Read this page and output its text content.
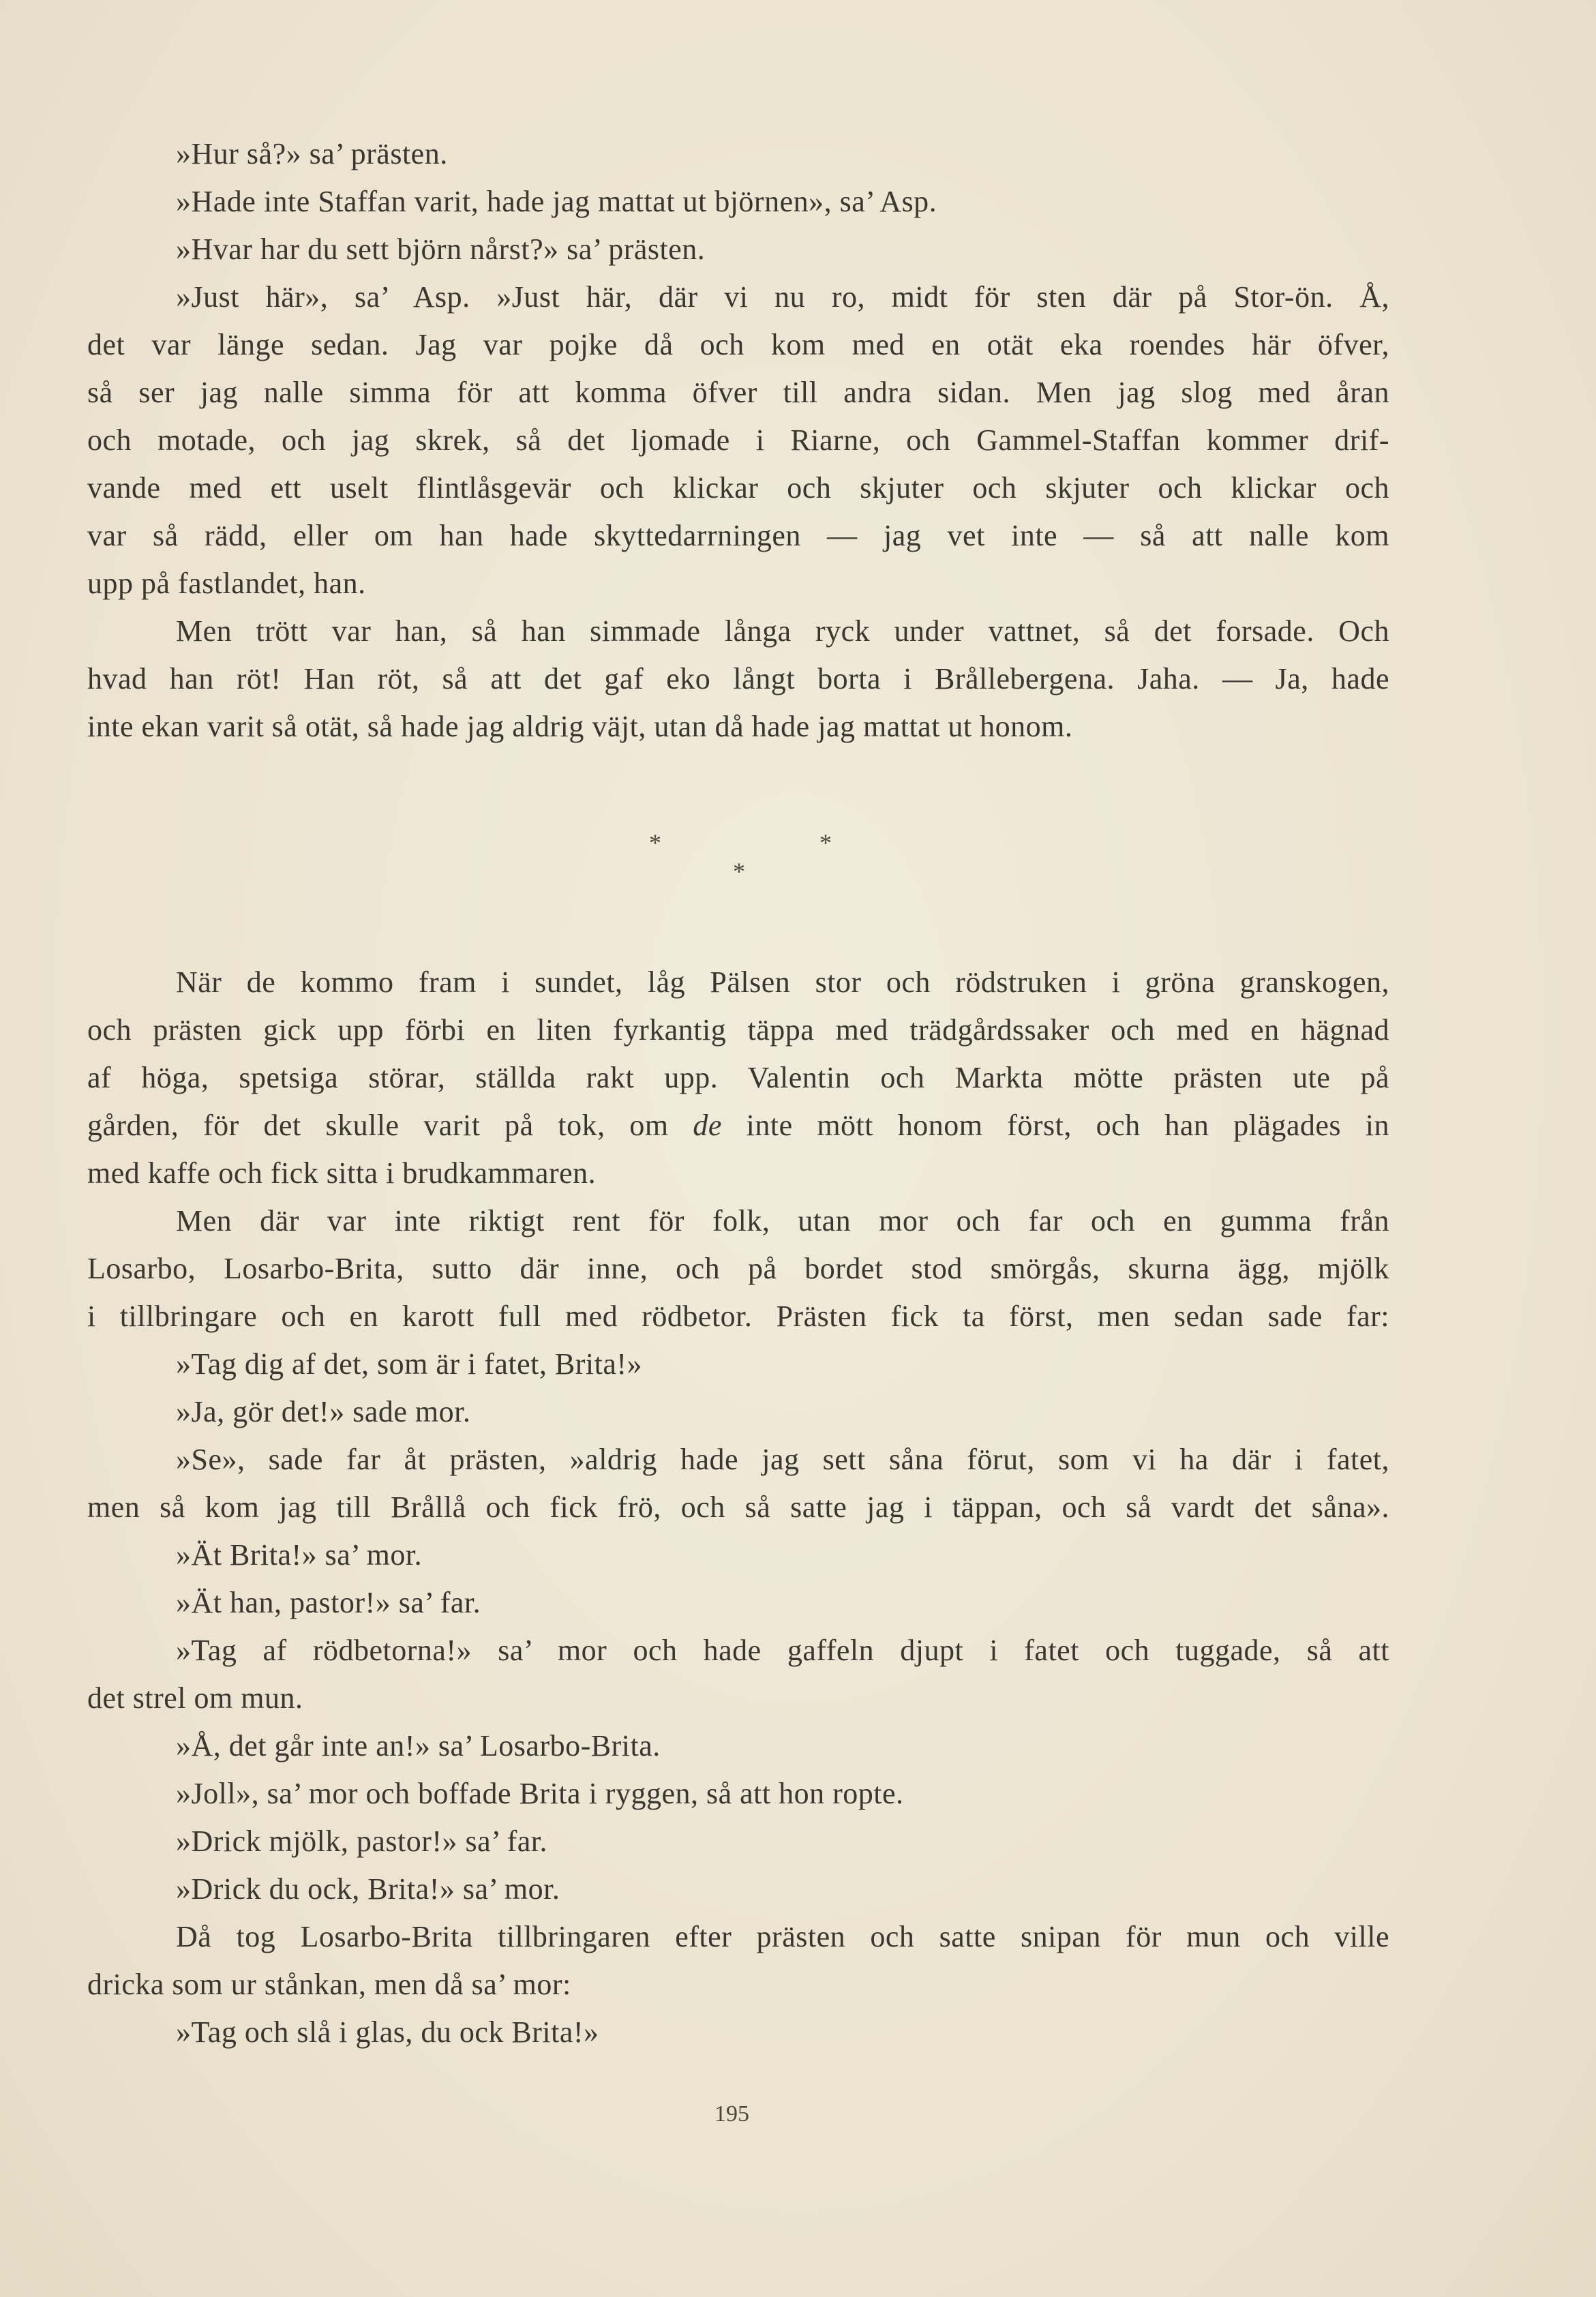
»Hur så?» sa’ prästen.
»Hade inte Staffan varit, hade jag mattat ut björnen», sa’ Asp.
»Hvar har du sett björn nårst?» sa’ prästen.
»Just här», sa’ Asp. »Just här, där vi nu ro, midt för sten där på Stor-ön. Å,
det var länge sedan. Jag var pojke då och kom med en otät eka roendes här öfver,
så ser jag nalle simma för att komma öfver till andra sidan. Men jag slog med åran
och motade, och jag skrek, så det ljomade i Riarne, och Gammel-Staffan kommer drif-
vande med ett uselt flintlåsgevär och klickar och skjuter och skjuter och klickar och
var så rädd, eller om han hade skyttedarrningen — jag vet inte — så att nalle kom
upp på fastlandet, han.
Men trött var han, så han simmade långa ryck under vattnet, så det forsade. Och
hvad han röt! Han röt, så att det gaf eko långt borta i Brållebergena. Jaha. — Ja, hade
inte ekan varit så otät, så hade jag aldrig väjt, utan då hade jag mattat ut honom.
*	*
*
När de kommo fram i sundet, låg Pälsen stor och rödstruken i gröna granskogen,
och prästen gick upp förbi en liten fyrkantig täppa med trädgårdssaker och med en hägnad
af höga, spetsiga störar, ställda rakt upp. Valentin och Markta mötte prästen ute på
gården, för det skulle varit på tok, om de inte mött honom först, och han plägades in
med kaffe och fick sitta i brudkammaren.
Men där var inte riktigt rent för folk, utan mor och far och en gumma från
Losarbo, Losarbo-Brita, sutto där inne, och på bordet stod smörgås, skurna ägg, mjölk
i tillbringare och en karott full med rödbetor. Prästen fick ta först, men sedan sade far:
»Tag dig af det, som är i fatet, Brita!»
»Ja, gör det!» sade mor.
»Se», sade far åt prästen, »aldrig hade jag sett såna förut, som vi ha där i fatet,
men så kom jag till Brållå och fick frö, och så satte jag i täppan, och så vardt det såna».
»Ät Brita!» sa’ mor.
»Ät han, pastor!» sa’ far.
»Tag af rödbetorna!» sa’ mor och hade gaffeln djupt i fatet och tuggade, så att
det strel om mun.
»Å, det går inte an!» sa’ Losarbo-Brita.
»Joll», sa’ mor och boffade Brita i ryggen, så att hon ropte.
»Drick mjölk, pastor!» sa’ far.
»Drick du ock, Brita!» sa’ mor.
Då tog Losarbo-Brita tillbringaren efter prästen och satte snipan för mun och ville
dricka som ur stånkan, men då sa’ mor:
»Tag och slå i glas, du ock Brita!»
195
